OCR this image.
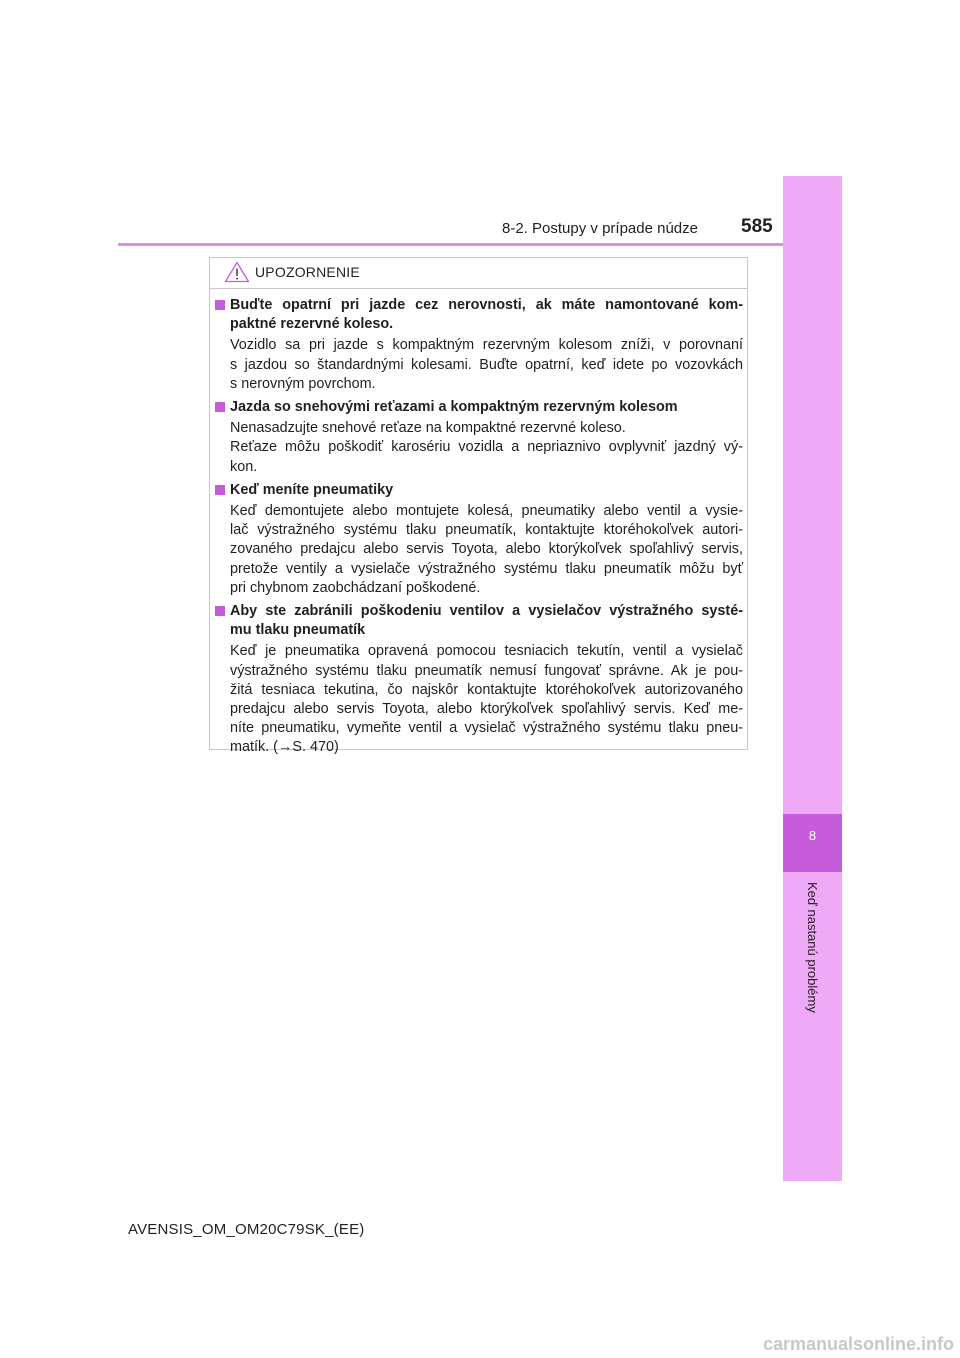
8-2. Postupy v prípade núdze 585
8
Keď nastanú problémy
UPOZORNENIE
Buďte opatrní pri jazde cez nerovnosti, ak máte namontované kom-
paktné rezervné koleso.
Vozidlo sa pri jazde s kompaktným rezervným kolesom zníži, v porovnaní
s jazdou so štandardnými kolesami. Buďte opatrní, keď idete po vozovkách
s nerovným povrchom.
Jazda so snehovými reťazami a kompaktným rezervným kolesom
Nenasadzujte snehové reťaze na kompaktné rezervné koleso.
Reťaze môžu poškodiť karosériu vozidla a nepriaznivo ovplyvniť jazdný vý-
kon.
Keď meníte pneumatiky
Keď demontujete alebo montujete kolesá, pneumatiky alebo ventil a vysie-
lač výstražného systému tlaku pneumatík, kontaktujte ktoréhokoľvek autori-
zovaného predajcu alebo servis Toyota, alebo ktorýkoľvek spoľahlivý servis,
pretože ventily a vysielače výstražného systému tlaku pneumatík môžu byť
pri chybnom zaobchádzaní poškodené.
Aby ste zabránili poškodeniu ventilov a vysielačov výstražného systé-
mu tlaku pneumatík
Keď je pneumatika opravená pomocou tesniacich tekutín, ventil a vysielač
výstražného systému tlaku pneumatík nemusí fungovať správne. Ak je pou-
žitá tesniaca tekutina, čo najskôr kontaktujte ktoréhokoľvek autorizovaného
predajcu alebo servis Toyota, alebo ktorýkoľvek spoľahlivý servis. Keď me-
níte pneumatiku, vymeňte ventil a vysielač výstražného systému tlaku pneu-
matík. (→S. 470)
AVENSIS_OM_OM20C79SK_(EE)
carmanualsonline.info
